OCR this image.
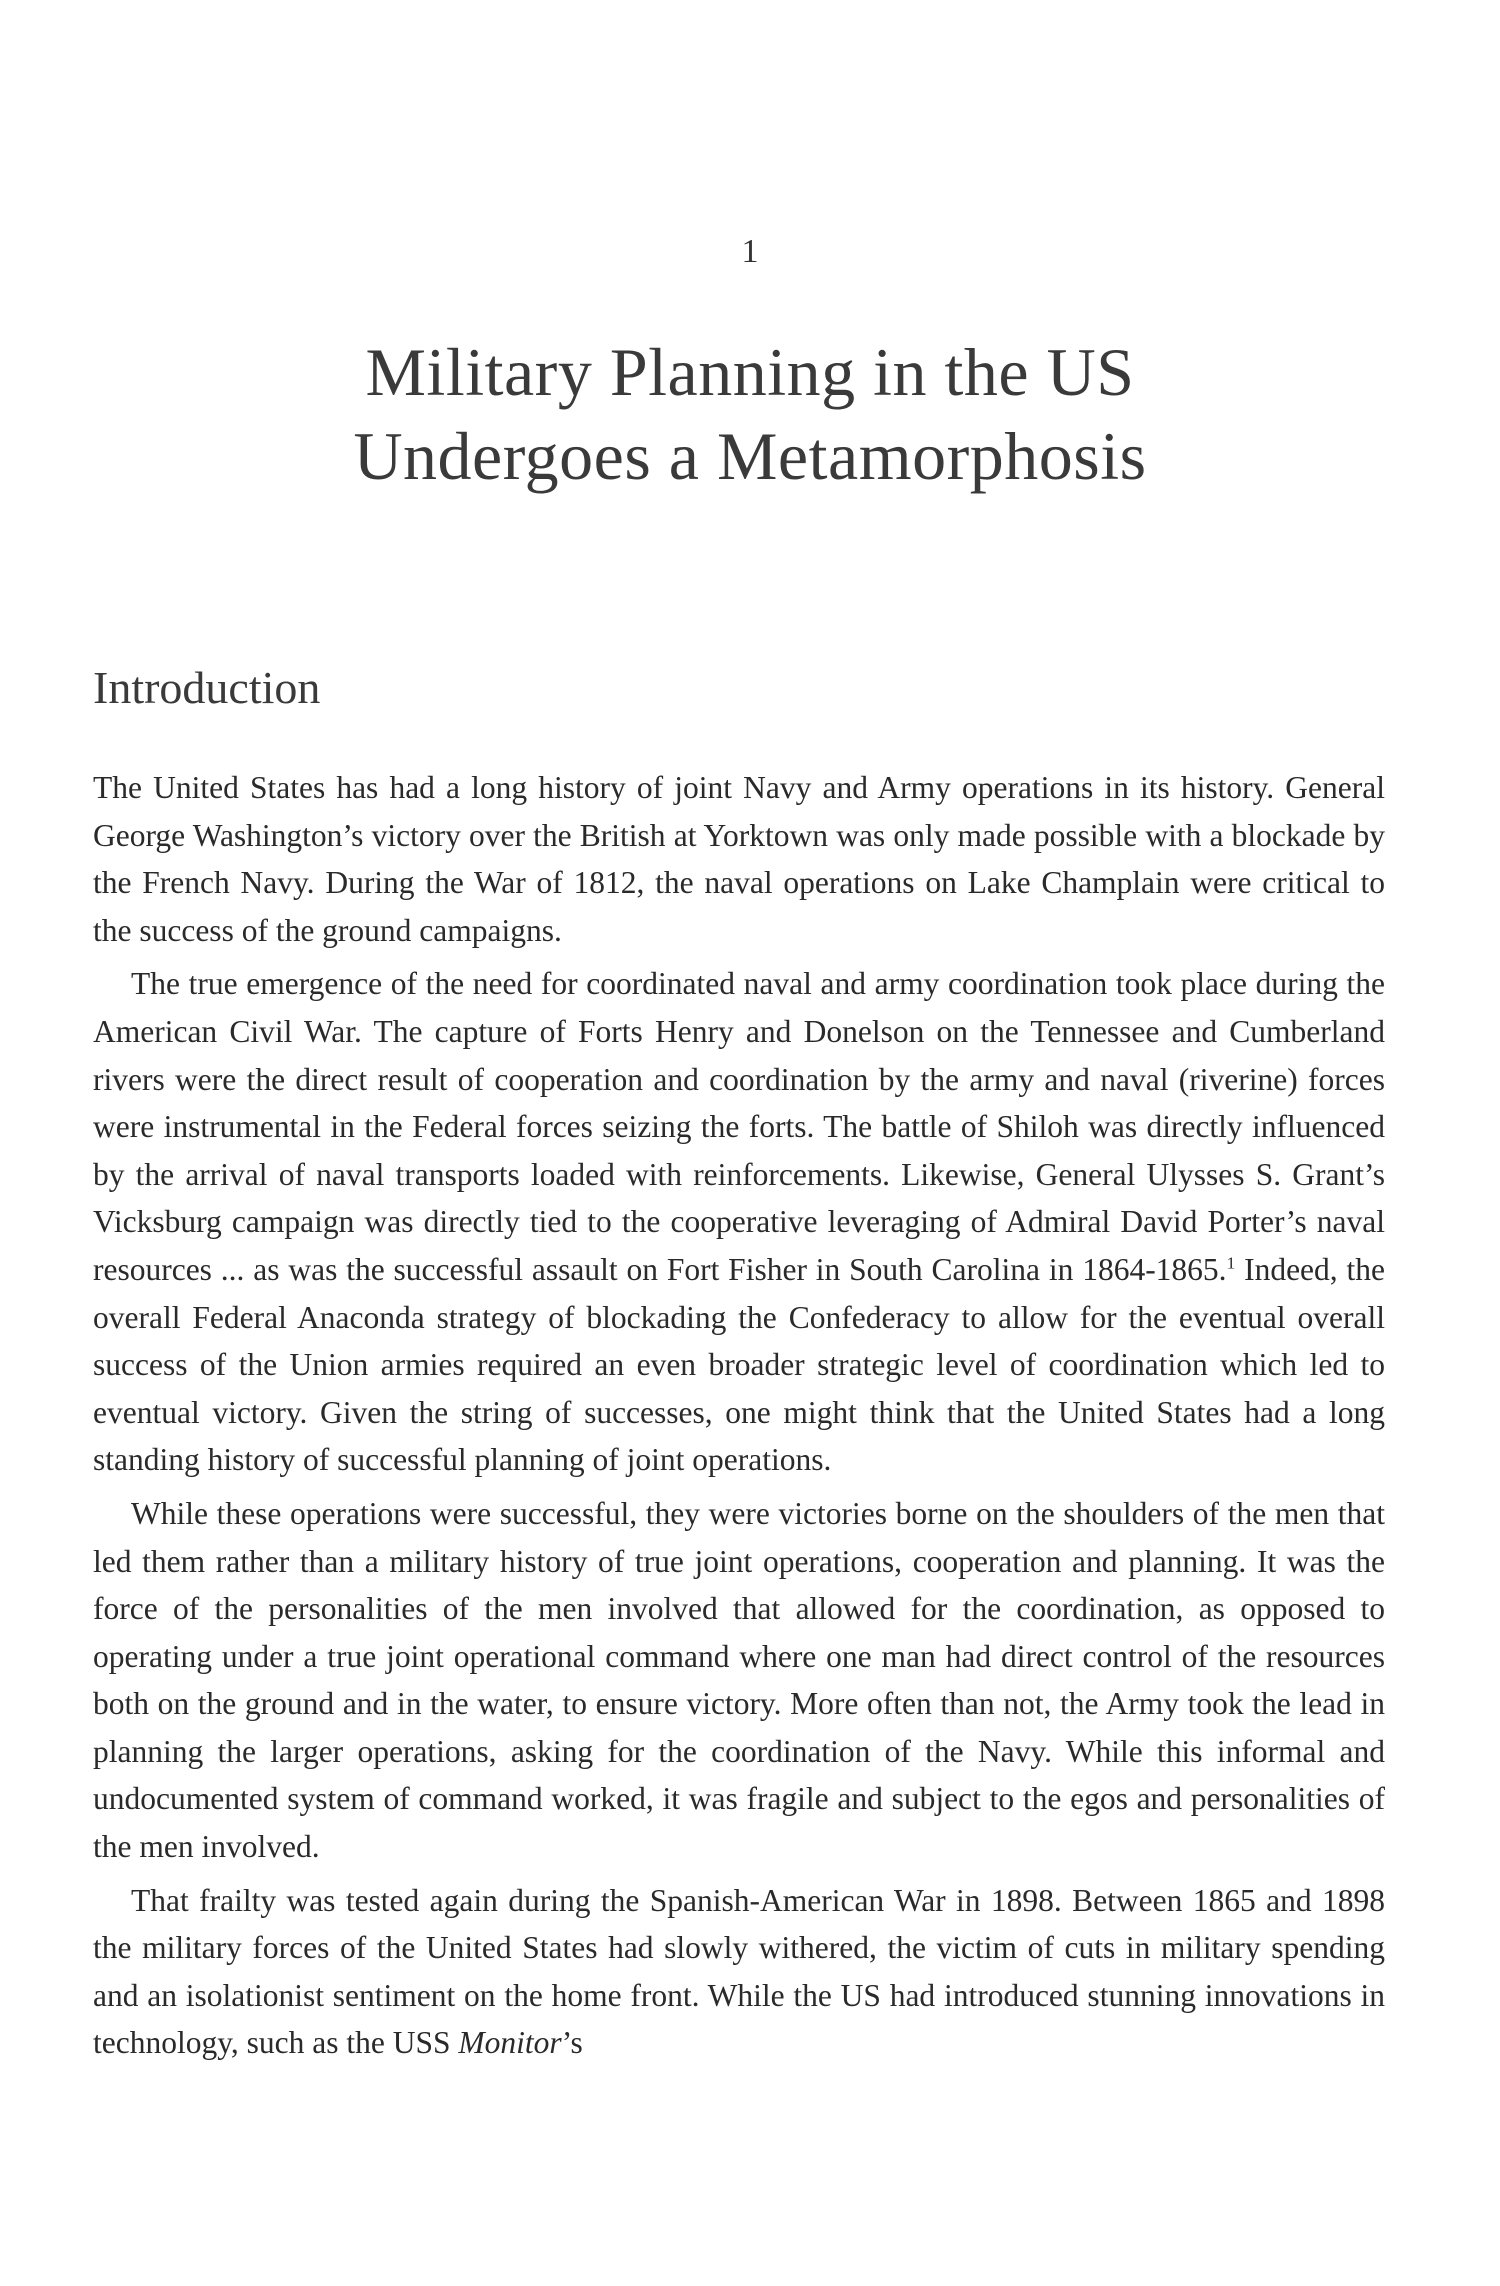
1
Military Planning in the US
Undergoes a Metamorphosis
Introduction

The United States has had a long history of joint Navy and Army operations in its history. General George Washington’s victory over the British at Yorktown was only made possible with a blockade by the French Navy. During the War of 1812, the naval operations on Lake Champlain were critical to the success of the ground campaigns.

The true emergence of the need for coordinated naval and army coordination took place during the American Civil War. The capture of Forts Henry and Donelson on the Tennessee and Cumberland rivers were the direct result of cooperation and coordination by the army and naval (riverine) forces were instrumental in the Federal forces seizing the forts. The battle of Shiloh was directly influenced by the arrival of naval transports loaded with reinforcements. Likewise, General Ulysses S. Grant’s Vicksburg campaign was directly tied to the cooperative leveraging of Admiral David Porter’s naval resources ... as was the successful assault on Fort Fisher in South Carolina in 1864-1865.$^1$ Indeed, the overall Federal Anaconda strategy of blockading the Confederacy to allow for the eventual overall success of the Union armies required an even broader strategic level of coordination which led to eventual victory. Given the string of successes, one might think that the United States had a long standing history of successful planning of joint operations.

While these operations were successful, they were victories borne on the shoulders of the men that led them rather than a military history of true joint operations, cooperation and planning. It was the force of the personalities of the men involved that allowed for the coordination, as opposed to operating under a true joint operational command where one man had direct control of the resources both on the ground and in the water, to ensure victory. More often than not, the Army took the lead in planning the larger operations, asking for the coordination of the Navy. While this informal and undocumented system of command worked, it was fragile and subject to the egos and personalities of the men involved.

That frailty was tested again during the Spanish-American War in 1898. Between 1865 and 1898 the military forces of the United States had slowly withered, the victim of cuts in military spending and an isolationist sentiment on the home front. While the US had introduced stunning innovations in technology, such as the USS Monitor’s
